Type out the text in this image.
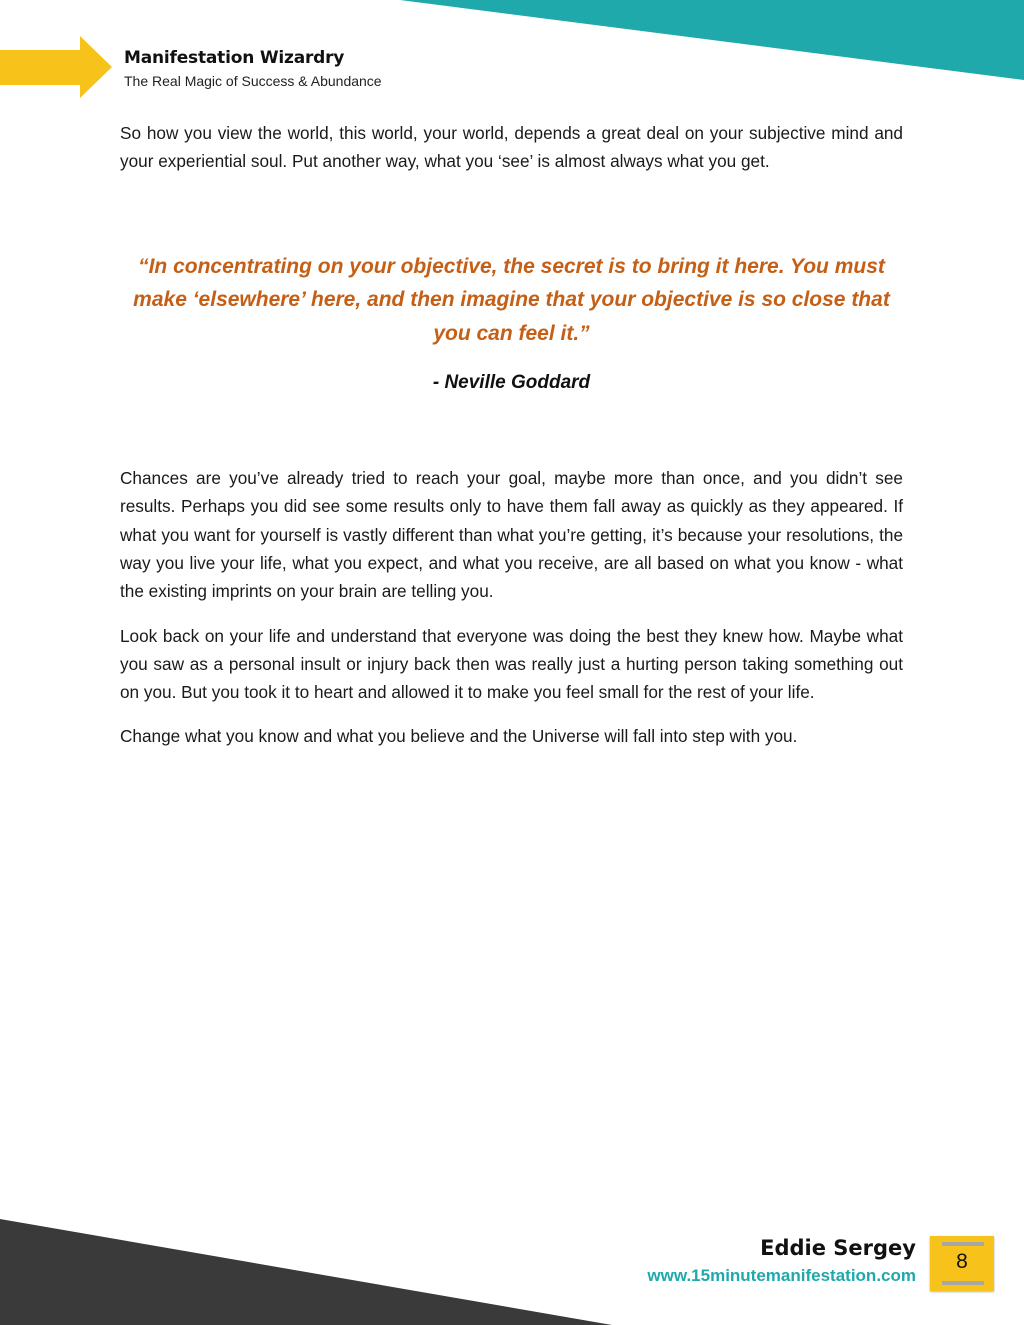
Manifestation Wizardry
The Real Magic of Success & Abundance

So how you view the world, this world, your world, depends a great deal on your subjective mind and your experiential soul. Put another way, what you ‘see’ is almost always what you get.

“In concentrating on your objective, the secret is to bring it here. You must make ‘elsewhere’ here, and then imagine that your objective is so close that you can feel it.”
- Neville Goddard

Chances are you’ve already tried to reach your goal, maybe more than once, and you didn’t see results. Perhaps you did see some results only to have them fall away as quickly as they appeared. If what you want for yourself is vastly different than what you’re getting, it’s because your resolutions, the way you live your life, what you expect, and what you receive, are all based on what you know - what the existing imprints on your brain are telling you.

Look back on your life and understand that everyone was doing the best they knew how. Maybe what you saw as a personal insult or injury back then was really just a hurting person taking something out on you. But you took it to heart and allowed it to make you feel small for the rest of your life.

Change what you know and what you believe and the Universe will fall into step with you.

Eddie Sergey
www.15minutemanifestation.com
8
